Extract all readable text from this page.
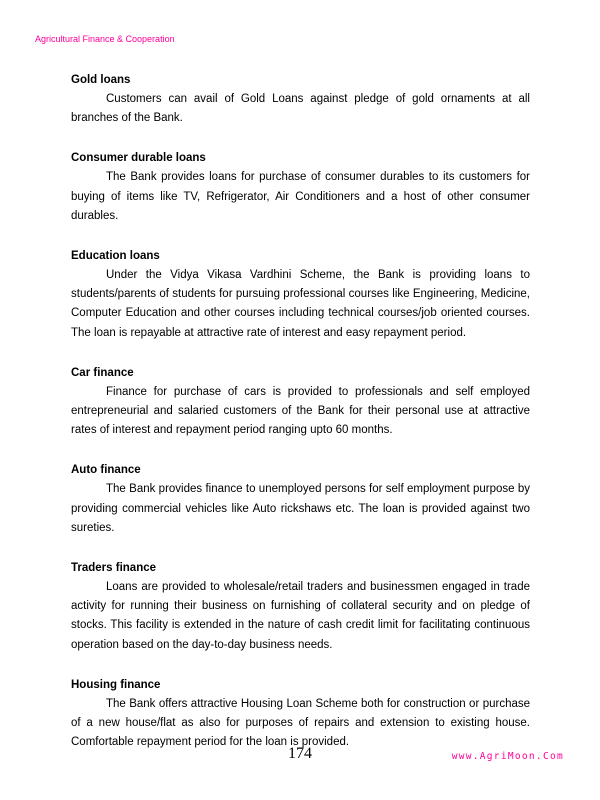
Agricultural Finance & Cooperation

Gold loans

Customers can avail of Gold Loans against pledge of gold ornaments at all branches of the Bank.

Consumer durable loans

The Bank provides loans for purchase of consumer durables to its customers for buying of items like TV, Refrigerator, Air Conditioners and a host of other consumer durables.

Education loans

Under the Vidya Vikasa Vardhini Scheme, the Bank is providing loans to students/parents of students for pursuing professional courses like Engineering, Medicine, Computer Education and other courses including technical courses/job oriented courses. The loan is repayable at attractive rate of interest and easy repayment period.

Car finance

Finance for purchase of cars is provided to professionals and self employed entrepreneurial and salaried customers of the Bank for their personal use at attractive rates of interest and repayment period ranging upto 60 months.

Auto finance

The Bank provides finance to unemployed persons for self employment purpose by providing commercial vehicles like Auto rickshaws etc. The loan is provided against two sureties.

Traders finance

Loans are provided to wholesale/retail traders and businessmen engaged in trade activity for running their business on furnishing of collateral security and on pledge of stocks. This facility is extended in the nature of cash credit limit for facilitating continuous operation based on the day-to-day business needs.

Housing finance

The Bank offers attractive Housing Loan Scheme both for construction or purchase of a new house/flat as also for purposes of repairs and extension to existing house. Comfortable repayment period for the loan is provided.

174	www.AgriMoon.Com
